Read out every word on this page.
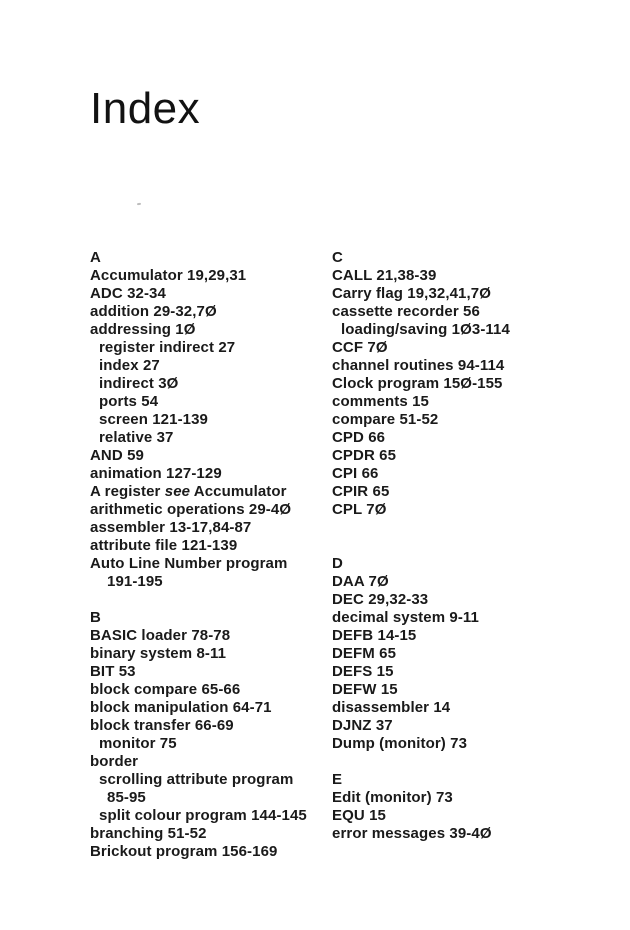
Index
A
Accumulator 19,29,31
ADC 32-34
addition 29-32,7Ø
addressing 1Ø
register indirect 27
index 27
indirect 3Ø
ports 54
screen 121-139
relative 37
AND 59
animation 127-129
A register see Accumulator
arithmetic operations 29-4Ø
assembler 13-17,84-87
attribute file 121-139
Auto Line Number program
191-195
B
BASIC loader 78-78
binary system 8-11
BIT 53
block compare 65-66
block manipulation 64-71
block transfer 66-69
monitor 75
border
scrolling attribute program
85-95
split colour program 144-145
branching 51-52
Brickout program 156-169
C
CALL 21,38-39
Carry flag 19,32,41,7Ø
cassette recorder 56
loading/saving 1Ø3-114
CCF 7Ø
channel routines 94-114
Clock program 15Ø-155
comments 15
compare 51-52
CPD 66
CPDR 65
CPI 66
CPIR 65
CPL 7Ø
D
DAA 7Ø
DEC 29,32-33
decimal system 9-11
DEFB 14-15
DEFM 65
DEFS 15
DEFW 15
disassembler 14
DJNZ 37
Dump (monitor) 73
E
Edit (monitor) 73
EQU 15
error messages 39-4Ø
